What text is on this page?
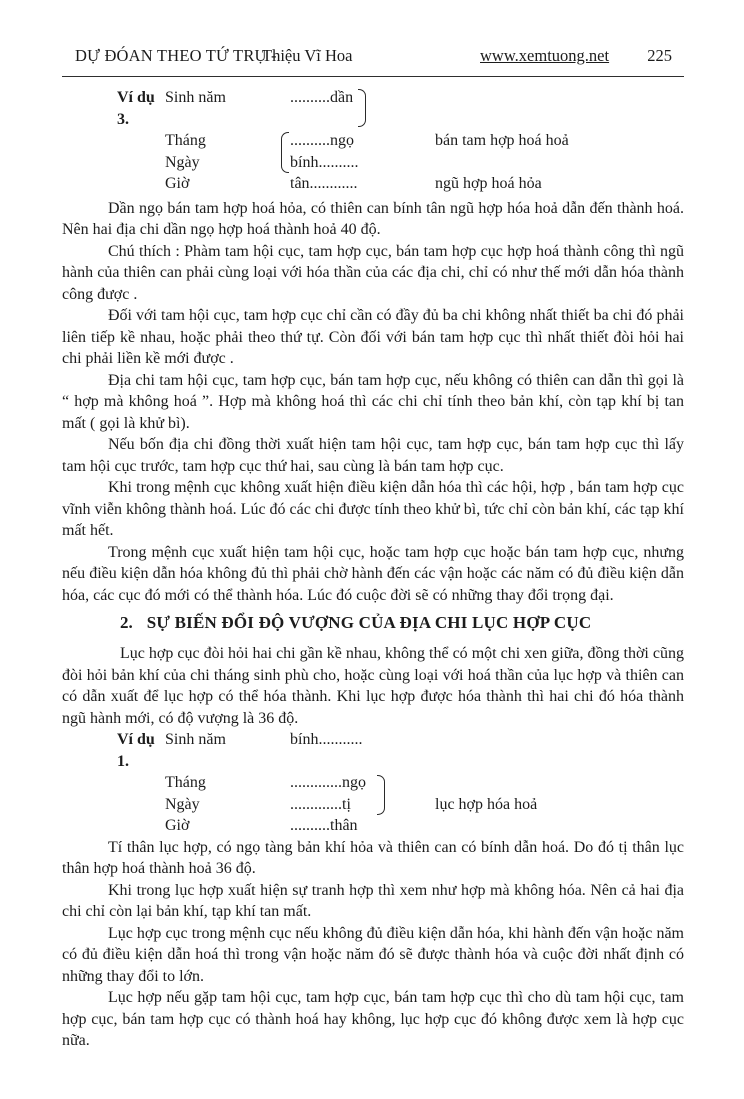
DỰ ĐÓAN THEO TỨ TRỤ -
Thiệu Vĩ Hoa	www.xemtuong.net 225
Ví dụ 3.
Sinh năm	..........dần
Tháng	..........ngọ	bán tam hợp hoá hoả
Ngày	bính..........
Giờ	tân............	ngũ hợp hoá hỏa

Dần ngọ bán tam hợp hoá hỏa, có thiên can bính tân ngũ hợp hóa hoả dẫn đến thành hoá. Nên hai địa chi dần ngọ hợp hoá thành hoả 40 độ.

Chú thích : Phàm tam hội cục, tam hợp cục, bán tam hợp cục hợp hoá thành công thì ngũ hành của thiên can phải cùng loại với hóa thần của các địa chi, chỉ có như thế mới dẫn hóa thành công được .

Đối với tam hội cục, tam hợp cục chỉ cần có đầy đủ ba chi không nhất thiết ba chi đó phải liên tiếp kề nhau, hoặc phải theo thứ tự. Còn đối với bán tam hợp cục thì nhất thiết đòi hỏi hai chi phải liền kề mới được .

Địa chi tam hội cục, tam hợp cục, bán tam hợp cục, nếu không có thiên can dẫn thì gọi là “ hợp mà không hoá ”. Hợp mà không hoá thì các chi chỉ tính theo bản khí, còn tạp khí bị tan mất ( gọi là khử bì).

Nếu bốn địa chi đồng thời xuất hiện tam hội cục, tam hợp cục, bán tam hợp cục thì lấy tam hội cục trước, tam hợp cục thứ hai, sau cùng là bán tam hợp cục.

Khi trong mệnh cục không xuất hiện điều kiện dẫn hóa thì các hội, hợp , bán tam hợp cục vĩnh viễn không thành hoá. Lúc đó các chi được tính theo khử bì, tức chỉ còn bản khí, các tạp khí mất hết.

Trong mệnh cục xuất hiện tam hội cục, hoặc tam hợp cục hoặc bán tam hợp cục, nhưng nếu điều kiện dẫn hóa không đủ thì phải chờ hành đến các vận hoặc các năm có đủ điều kiện dẫn hóa, các cục đó mới có thể thành hóa. Lúc đó cuộc đời sẽ có những thay đổi trọng đại.

2. SỰ BIẾN ĐỔI ĐỘ VƯỢNG CỦA ĐỊA CHI LỤC HỢP CỤC

Lục hợp cục đòi hỏi hai chi gần kề nhau, không thể có một chi xen giữa, đồng thời cũng đòi hỏi bản khí của chi tháng sinh phù cho, hoặc cùng loại với hoá thần của lục hợp và thiên can có dẫn xuất để lục hợp có thể hóa thành. Khi lục hợp được hóa thành thì hai chi đó hóa thành ngũ hành mới, có độ vượng là 36 độ.

Ví dụ 1.
Sinh năm	bính...........
Tháng	.............ngọ
Ngày	.............tị	lục hợp hóa hoả
Giờ	..........thân

Tí thân lục hợp, có ngọ tàng bản khí hỏa và thiên can có bính dẫn hoá. Do đó tị thân lục thân hợp hoá thành hoả 36 độ.

Khi trong lục hợp xuất hiện sự tranh hợp thì xem như hợp mà không hóa. Nên cả hai địa chi chỉ còn lại bản khí, tạp khí tan mất.

Lục hợp cục trong mệnh cục nếu không đủ điều kiện dẫn hóa, khi hành đến vận hoặc năm có đủ điều kiện dẫn hoá thì trong vận hoặc năm đó sẽ được thành hóa và cuộc đời nhất định có những thay đổi to lớn.

Lục hợp nếu gặp tam hội cục, tam hợp cục, bán tam hợp cục thì cho dù tam hội cục, tam hợp cục, bán tam hợp cục có thành hoá hay không, lục hợp cục đó không được xem là hợp cục nữa.
